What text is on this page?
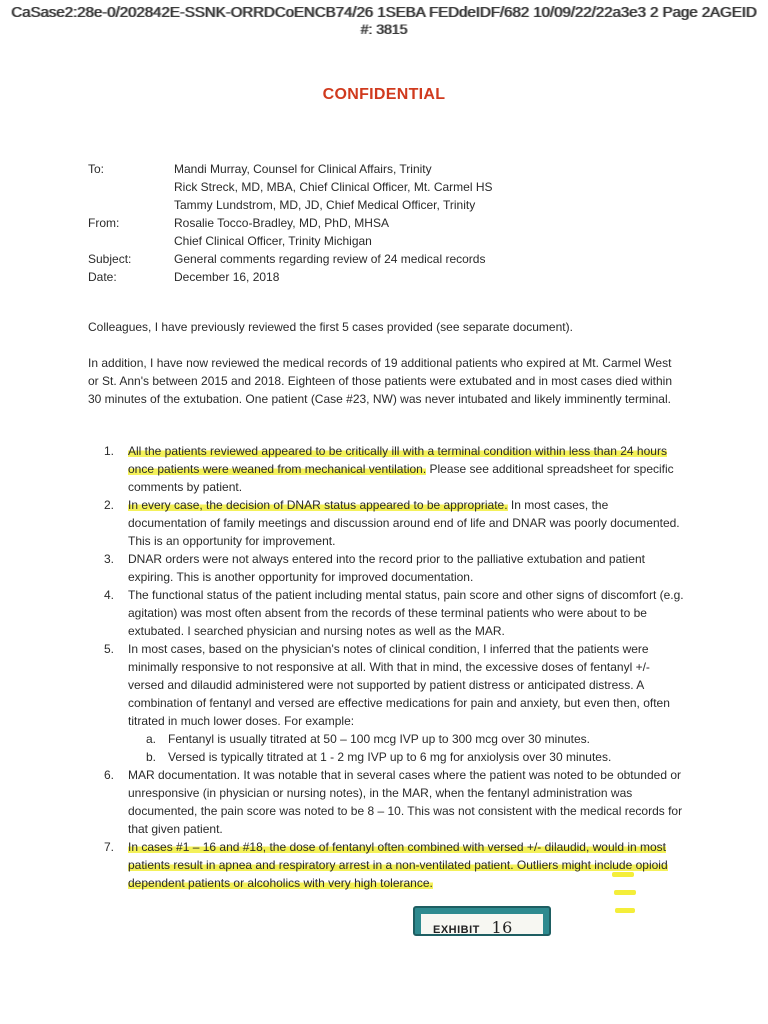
CaSase2:28e-0/202842E-SSNK-ORRDCoENCB74/26 1SEBA FEDdeIDF/682 10/09/22/22a3e3 2 Page 2AGEID
#: 3815
CONFIDENTIAL
To:	Mandi Murray, Counsel for Clinical Affairs, Trinity
Rick Streck, MD, MBA, Chief Clinical Officer, Mt. Carmel HS
Tammy Lundstrom, MD, JD, Chief Medical Officer, Trinity
From:	Rosalie Tocco-Bradley, MD, PhD, MHSA
Chief Clinical Officer, Trinity Michigan
Subject:	General comments regarding review of 24 medical records
Date:	December 16, 2018
Colleagues, I have previously reviewed the first 5 cases provided (see separate document).
In addition, I have now reviewed the medical records of 19 additional patients who expired at Mt. Carmel West or St. Ann's between 2015 and 2018. Eighteen of those patients were extubated and in most cases died within 30 minutes of the extubation. One patient (Case #23, NW) was never intubated and likely imminently terminal.
1.	All the patients reviewed appeared to be critically ill with a terminal condition within less than 24 hours once patients were weaned from mechanical ventilation. Please see additional spreadsheet for specific comments by patient.
2.	In every case, the decision of DNAR status appeared to be appropriate. In most cases, the documentation of family meetings and discussion around end of life and DNAR was poorly documented. This is an opportunity for improvement.
3.	DNAR orders were not always entered into the record prior to the palliative extubation and patient expiring. This is another opportunity for improved documentation.
4.	The functional status of the patient including mental status, pain score and other signs of discomfort (e.g. agitation) was most often absent from the records of these terminal patients who were about to be extubated. I searched physician and nursing notes as well as the MAR.
5.	In most cases, based on the physician's notes of clinical condition, I inferred that the patients were minimally responsive to not responsive at all. With that in mind, the excessive doses of fentanyl +/- versed and dilaudid administered were not supported by patient distress or anticipated distress. A combination of fentanyl and versed are effective medications for pain and anxiety, but even then, often titrated in much lower doses. For example:
a. Fentanyl is usually titrated at 50 – 100 mcg IVP up to 300 mcg over 30 minutes.
b. Versed is typically titrated at 1 - 2 mg IVP up to 6 mg for anxiolysis over 30 minutes.
6.	MAR documentation. It was notable that in several cases where the patient was noted to be obtunded or unresponsive (in physician or nursing notes), in the MAR, when the fentanyl administration was documented, the pain score was noted to be 8 – 10. This was not consistent with the medical records for that given patient.
7.	In cases #1 – 16 and #18, the dose of fentanyl often combined with versed +/- dilaudid, would in most patients result in apnea and respiratory arrest in a non-ventilated patient. Outliers might include opioid dependent patients or alcoholics with very high tolerance.
EXHIBIT 16
